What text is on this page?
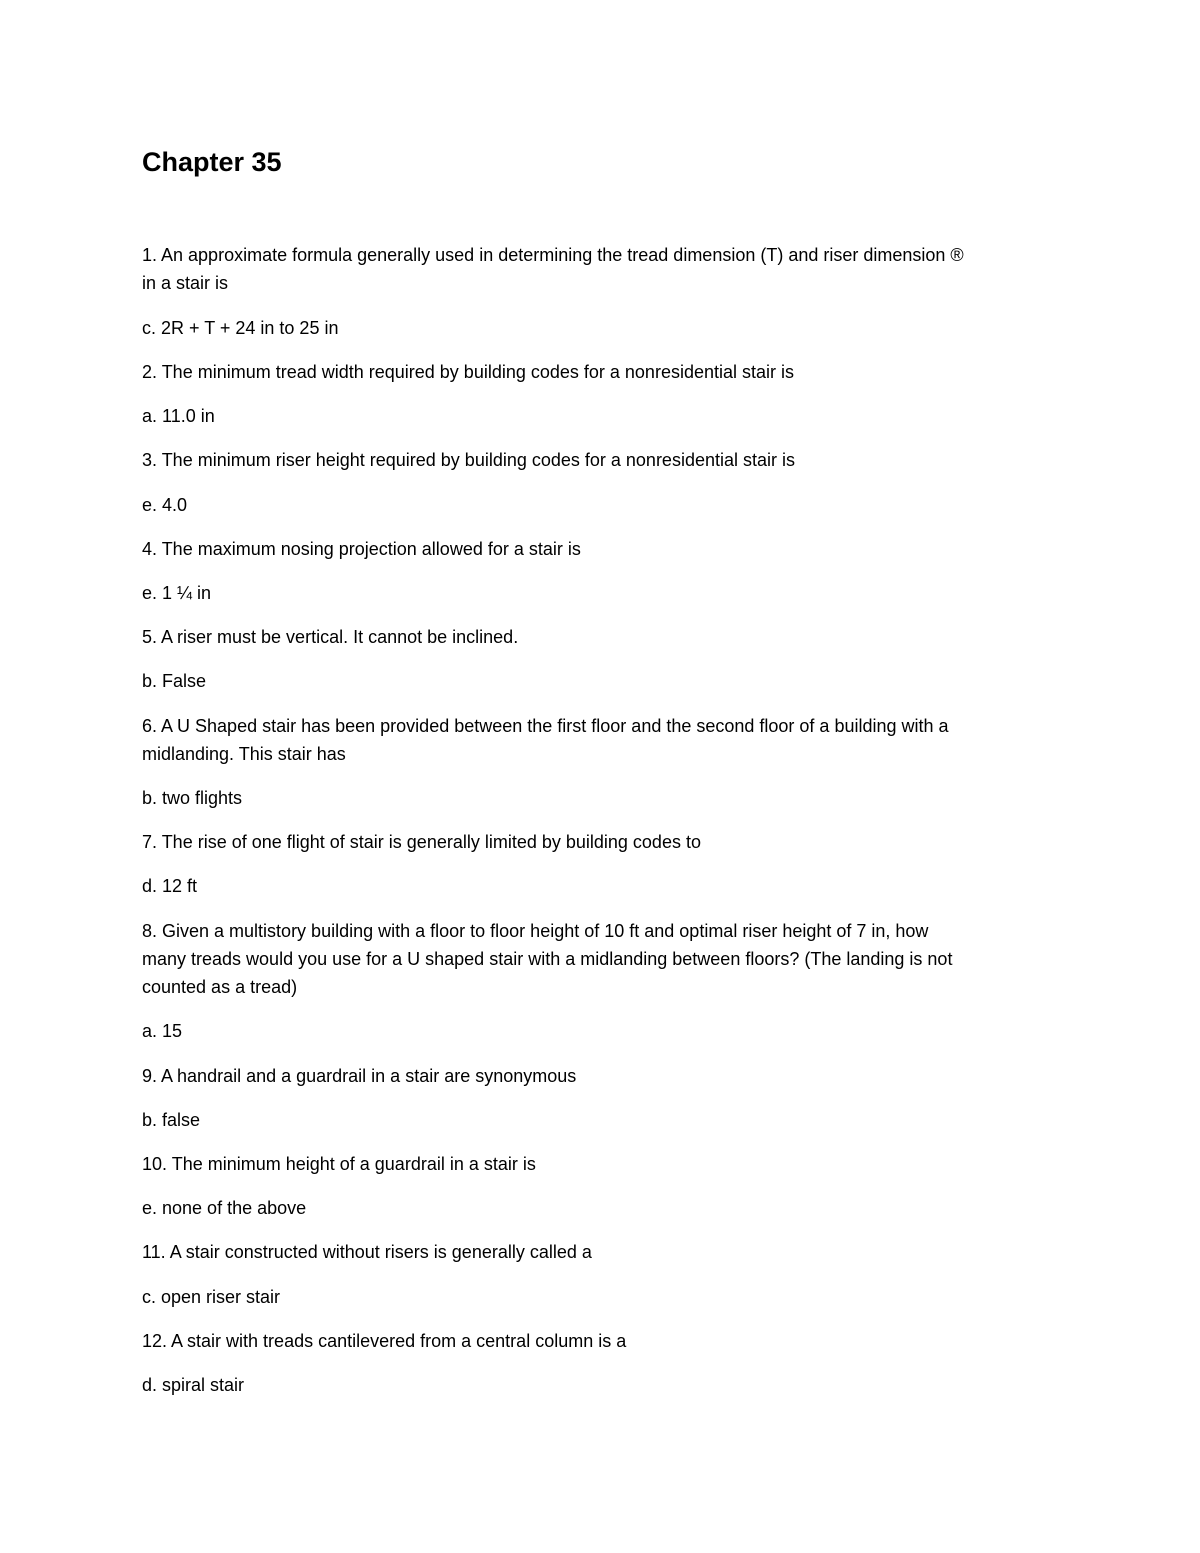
Chapter 35
1. An approximate formula generally used in determining the tread dimension (T) and riser dimension ®
in a stair is
c. 2R + T + 24 in to 25 in
2. The minimum tread width required by building codes for a nonresidential stair is
a. 11.0 in
3. The minimum riser height required by building codes for a nonresidential stair is
e. 4.0
4. The maximum nosing projection allowed for a stair is
e. 1 ¼ in
5. A riser must be vertical. It cannot be inclined.
b. False
6. A U Shaped stair has been provided between the first floor and the second floor of a building with a
midlanding. This stair has
b. two flights
7. The rise of one flight of stair is generally limited by building codes to
d. 12 ft
8. Given a multistory building with a floor to floor height of 10 ft and optimal riser height of 7 in, how
many treads would you use for a U shaped stair with a midlanding between floors? (The landing is not
counted as a tread)
a. 15
9. A handrail and a guardrail in a stair are synonymous
b. false
10. The minimum height of a guardrail in a stair is
e. none of the above
11. A stair constructed without risers is generally called a
c. open riser stair
12. A stair with treads cantilevered from a central column is a
d. spiral stair
